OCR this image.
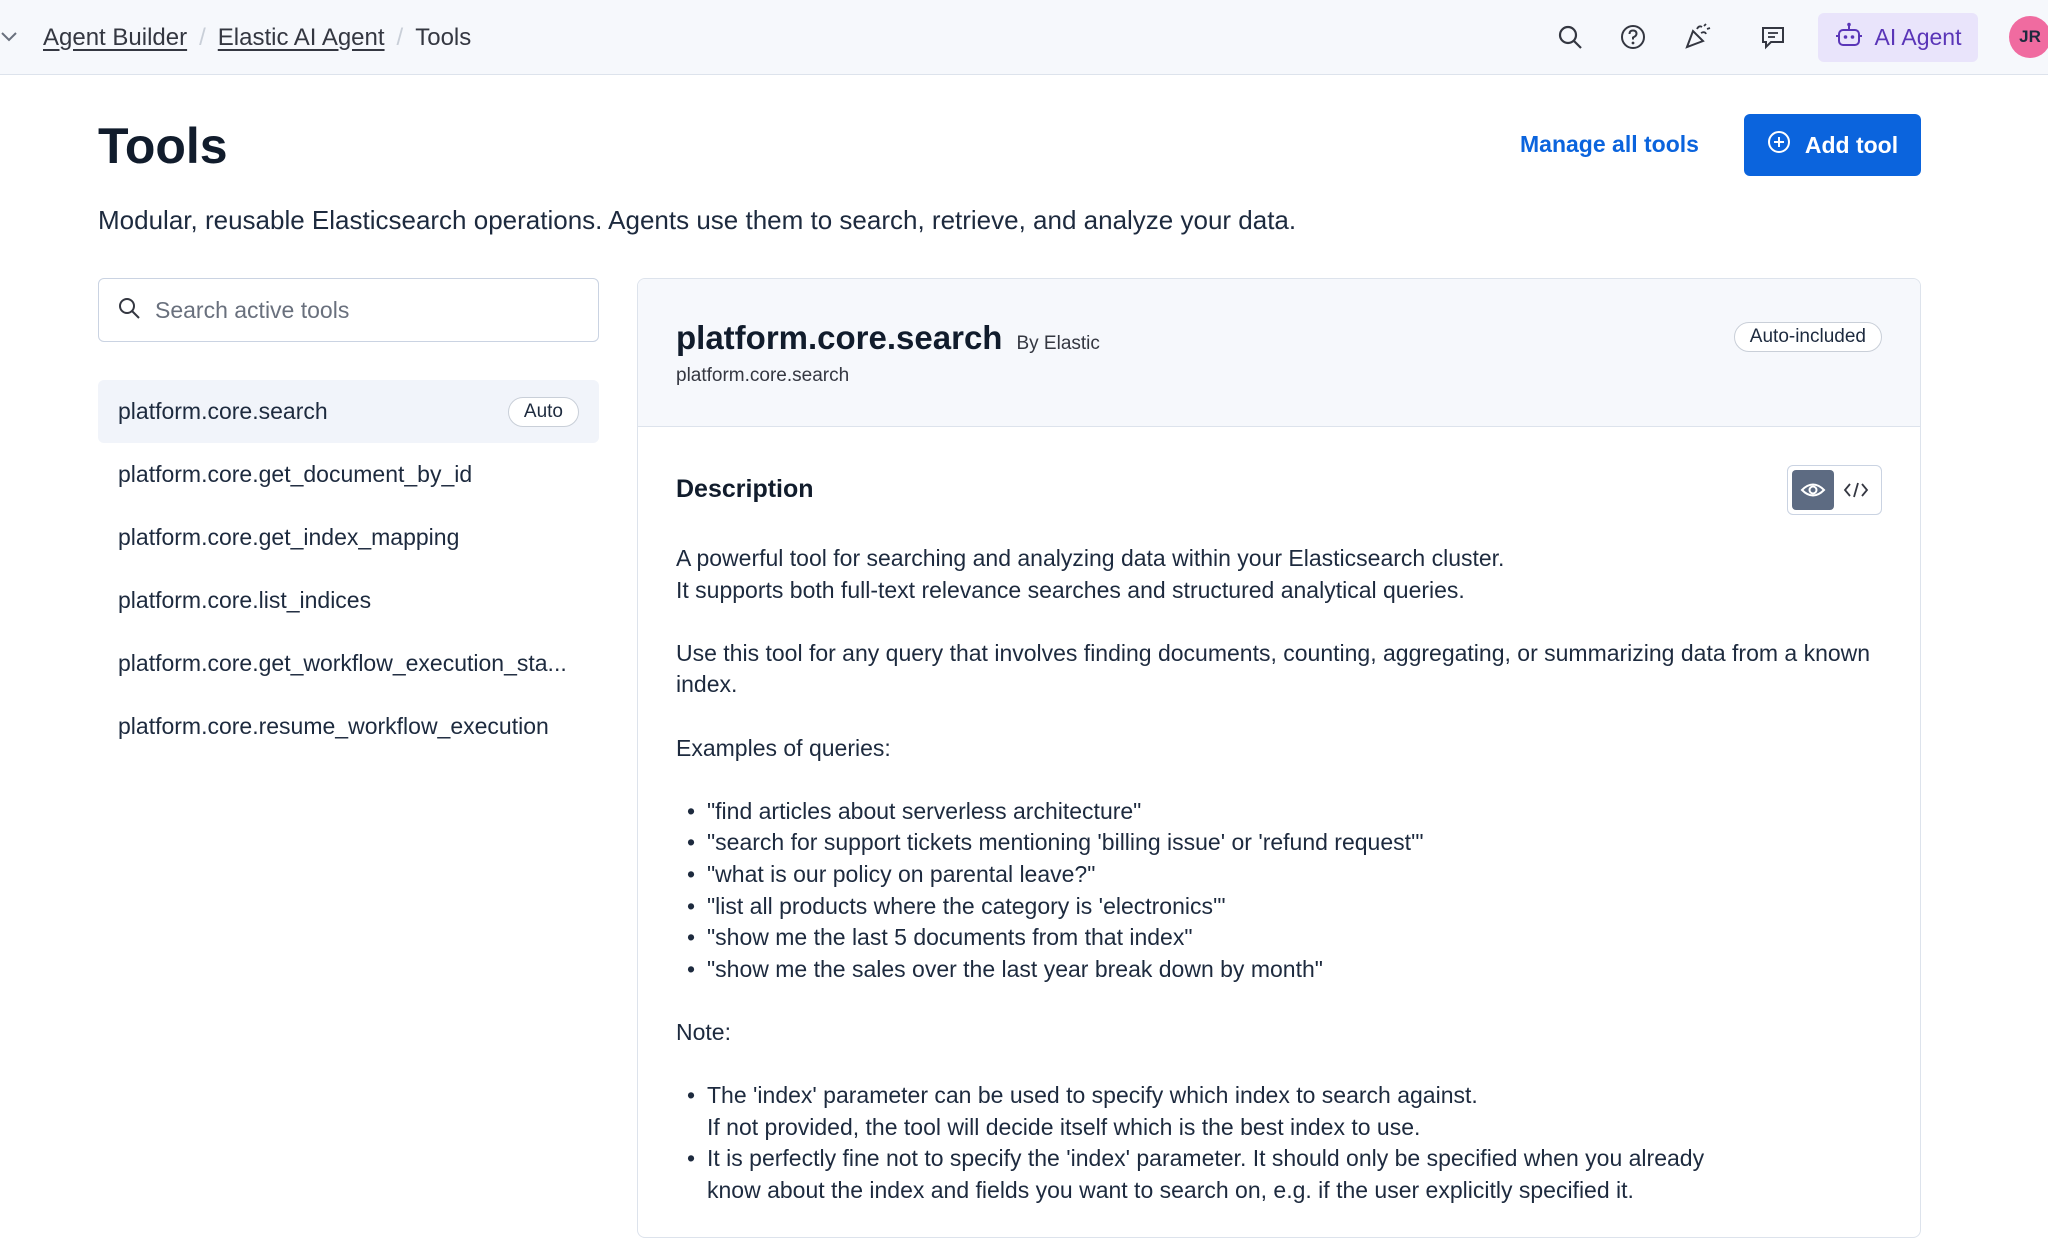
Agent Builder / Elastic AI Agent / Tools	AI Agent	JR
Tools	Manage all tools	Add tool

Modular, reusable Elasticsearch operations. Agents use them to search, retrieve, and analyze your data.

Search active tools
platform.core.search	Auto
platform.core.get_document_by_id
platform.core.get_index_mapping
platform.core.list_indices
platform.core.get_workflow_execution_sta...
platform.core.resume_workflow_execution
platform.core.search By Elastic
platform.core.search
Auto-included
Description

A powerful tool for searching and analyzing data within your Elasticsearch cluster.

It supports both full-text relevance searches and structured analytical queries.

Use this tool for any query that involves finding documents, counting, aggregating, or summarizing data from a known index.

Examples of queries:

• "find articles about serverless architecture"
• "search for support tickets mentioning 'billing issue' or 'refund request'"
• "what is our policy on parental leave?"
• "list all products where the category is 'electronics'"
• "show me the last 5 documents from that index"
• "show me the sales over the last year break down by month"

Note:

• The 'index' parameter can be used to specify which index to search against.
If not provided, the tool will decide itself which is the best index to use.
• It is perfectly fine not to specify the 'index' parameter. It should only be specified when you already
know about the index and fields you want to search on, e.g. if the user explicitly specified it.
